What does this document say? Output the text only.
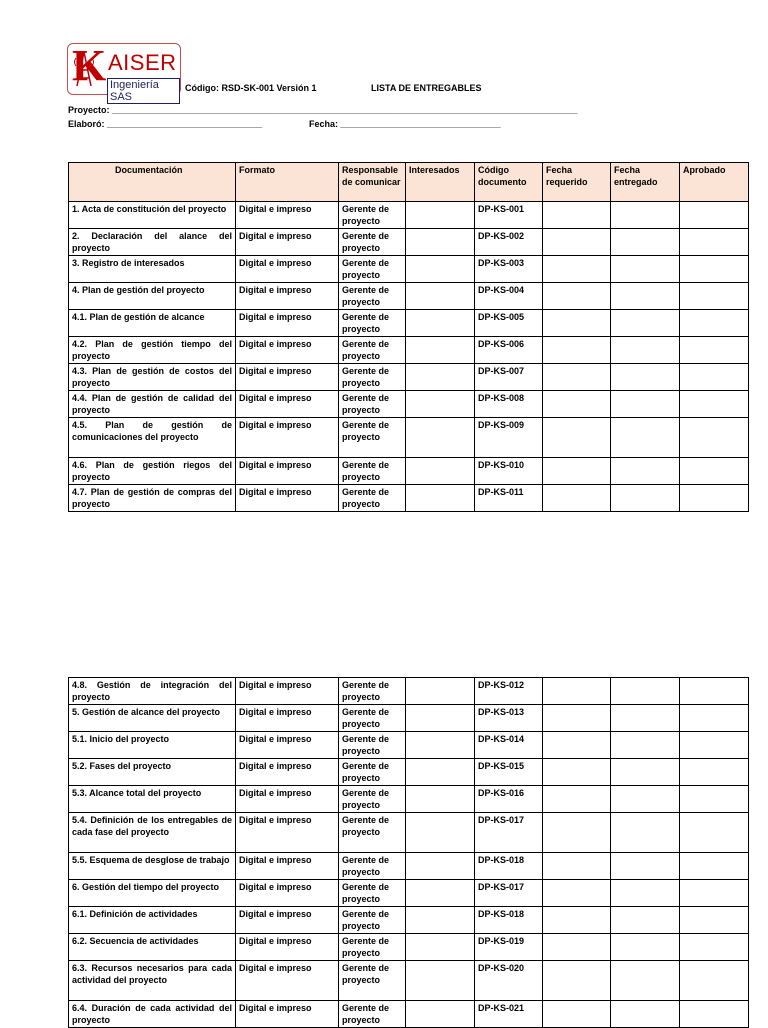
K AISER
Ingeniería SAS
Código: RSD-SK-001 Versión 1	LISTA DE ENTREGABLES
Proyecto: _____________________________________________________________________________________________
Elaboró: _______________________________	Fecha: ________________________________
Documentación	Formato	Responsable de comunicar	Interesados	Código documento	Fecha requerido	Fecha entregado	Aprobado
1. Acta de constitución del proyecto	Digital e impreso	Gerente de proyecto		DP-KS-001			
2. Declaración del alance del proyecto	Digital e impreso	Gerente de proyecto		DP-KS-002			
3. Registro de interesados	Digital e impreso	Gerente de proyecto		DP-KS-003			
4. Plan de gestión del proyecto	Digital e impreso	Gerente de proyecto		DP-KS-004			
4.1. Plan de gestión de alcance	Digital e impreso	Gerente de proyecto		DP-KS-005			
4.2. Plan de gestión tiempo del proyecto	Digital e impreso	Gerente de proyecto		DP-KS-006			
4.3. Plan de gestión de costos del proyecto	Digital e impreso	Gerente de proyecto		DP-KS-007			
4.4. Plan de gestión de calidad del proyecto	Digital e impreso	Gerente de proyecto		DP-KS-008			
4.5. Plan de gestión de comunicaciones del proyecto	Digital e impreso	Gerente de proyecto		DP-KS-009			
4.6. Plan de gestión riegos del proyecto	Digital e impreso	Gerente de proyecto		DP-KS-010			
4.7. Plan de gestión de compras del proyecto	Digital e impreso	Gerente de proyecto		DP-KS-011			
4.8. Gestión de integración del proyecto	Digital e impreso	Gerente de proyecto		DP-KS-012			
5. Gestión de alcance del proyecto	Digital e impreso	Gerente de proyecto		DP-KS-013			
5.1. Inicio del proyecto	Digital e impreso	Gerente de proyecto		DP-KS-014			
5.2. Fases del proyecto	Digital e impreso	Gerente de proyecto		DP-KS-015			
5.3. Alcance total del proyecto	Digital e impreso	Gerente de proyecto		DP-KS-016			
5.4. Definición de los entregables de cada fase del proyecto	Digital e impreso	Gerente de proyecto		DP-KS-017			
5.5. Esquema de desglose de trabajo	Digital e impreso	Gerente de proyecto		DP-KS-018			
6. Gestión del tiempo del proyecto	Digital e impreso	Gerente de proyecto		DP-KS-017			
6.1. Definición de actividades	Digital e impreso	Gerente de proyecto		DP-KS-018			
6.2. Secuencia de actividades	Digital e impreso	Gerente de proyecto		DP-KS-019			
6.3. Recursos necesarios para cada actividad del proyecto	Digital e impreso	Gerente de proyecto		DP-KS-020			
6.4. Duración de cada actividad del proyecto	Digital e impreso	Gerente de proyecto		DP-KS-021			
